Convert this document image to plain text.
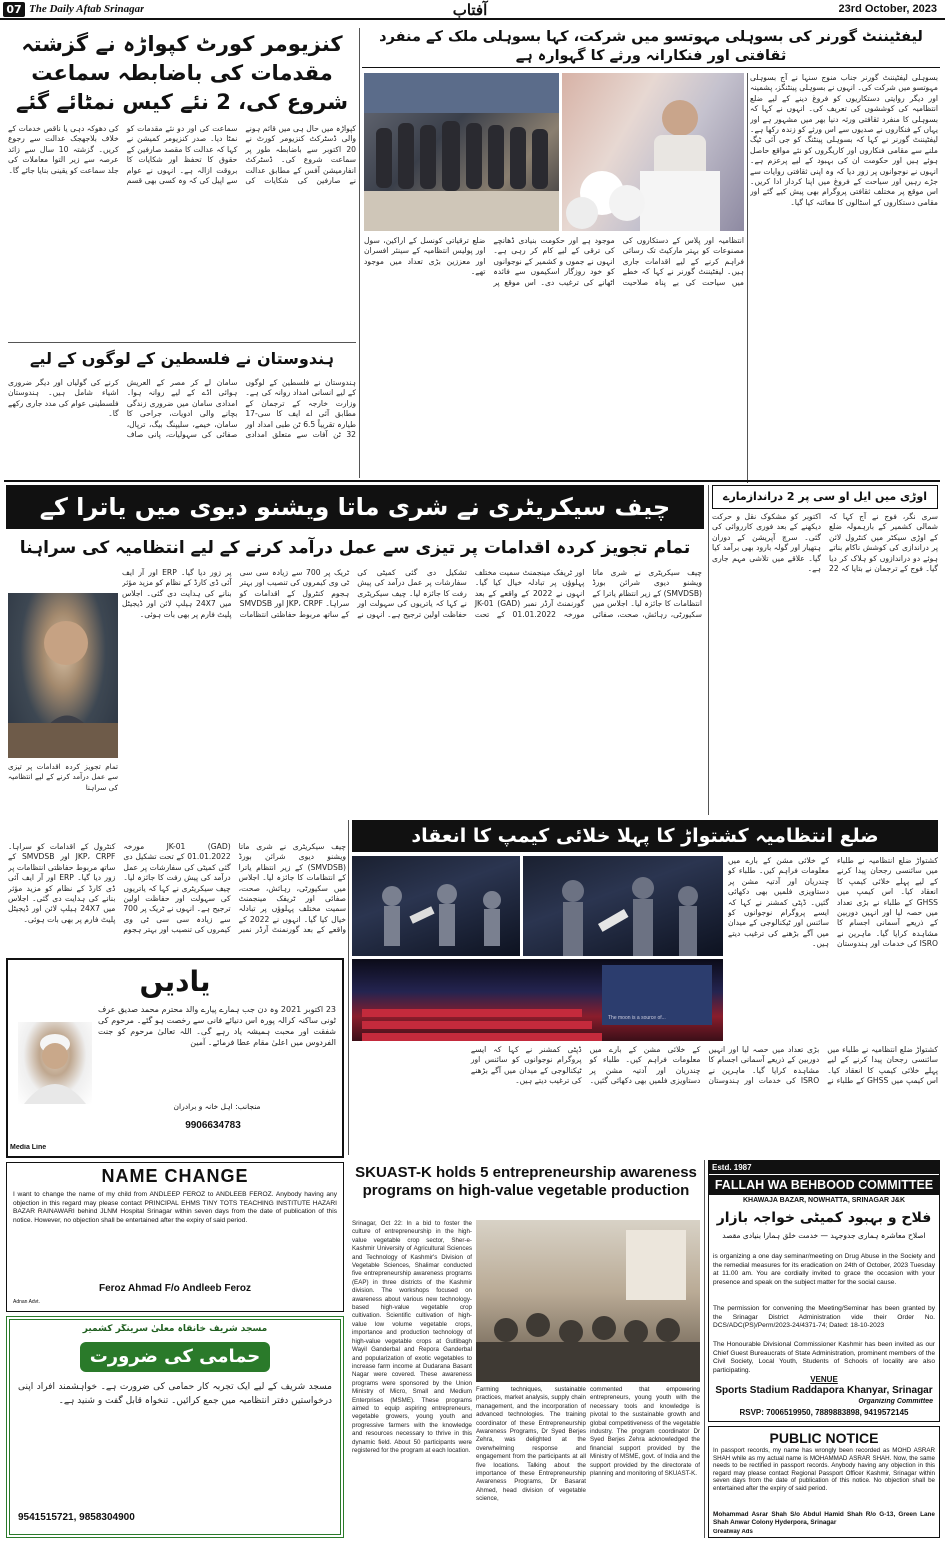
07 The Daily Aftab Srinagar	آفتاب	23rd October, 2023
لیفٹیننٹ گورنر کی بسوہلی مہوتسو میں شرکت، کہا بسوہلی ملک کے منفرد ثقافتی اور فنکارانہ ورثے کا گہوارہ ہے
بسوہلی لیفٹیننٹ گورنر جناب منوج سنہا نے آج بسوہلی مہوتسو میں شرکت کی۔ انہوں نے بسوہلی پینٹنگز، پشمینہ اور دیگر روایتی دستکاریوں کو فروغ دینے کے لیے ضلع انتظامیہ کی کوششوں کی تعریف کی۔ انہوں نے کہا کہ بسوہلی کا منفرد ثقافتی ورثہ دنیا بھر میں مشہور ہے اور یہاں کے فنکاروں نے صدیوں سے اس ورثے کو زندہ رکھا ہے۔ لیفٹیننٹ گورنر نے کہا کہ بسوہلی پینٹنگ کو جی آئی ٹیگ ملنے سے مقامی فنکاروں اور کاریگروں کو نئے مواقع حاصل ہوئے ہیں اور حکومت ان کی بہبود کے لیے پرعزم ہے۔ انہوں نے نوجوانوں پر زور دیا کہ وہ اپنی ثقافتی روایات سے جڑے رہیں اور سیاحت کے فروغ میں اپنا کردار ادا کریں۔ اس موقع پر مختلف ثقافتی پروگرام بھی پیش کیے گئے اور مقامی دستکاروں کے اسٹالوں کا معائنہ کیا گیا۔
انتظامیہ اور پلاس کے دستکاروں کی مصنوعات کو بہتر مارکیٹ تک رسائی فراہم کرنے کے لیے اقدامات جاری ہیں۔ لیفٹیننٹ گورنر نے کہا کہ خطے میں سیاحت کی بے پناہ صلاحیت موجود ہے اور حکومت بنیادی ڈھانچے کی ترقی کے لیے کام کر رہی ہے۔ انہوں نے جموں و کشمیر کے نوجوانوں کو خود روزگار اسکیموں سے فائدہ اٹھانے کی ترغیب دی۔ اس موقع پر ضلع ترقیاتی کونسل کے اراکین، سول اور پولیس انتظامیہ کے سینئر افسران اور معززین بڑی تعداد میں موجود تھے۔
کنزیومر کورٹ کپواڑہ نے گزشتہ مقدمات کی باضابطہ سماعت شروع کی، 2 نئے کیس نمٹائے گئے
کپواڑہ میں حال ہی میں قائم ہونے والی ڈسٹرکٹ کنزیومر کورٹ نے 20 اکتوبر سے باضابطہ طور پر سماعت شروع کی۔ ڈسٹرکٹ انفارمیشن آفس کے مطابق عدالت نے صارفین کی شکایات کی سماعت کی اور دو نئے مقدمات کو نمٹا دیا۔ صدر کنزیومر کمیشن نے کہا کہ عدالت کا مقصد صارفین کے حقوق کا تحفظ اور شکایات کا بروقت ازالہ ہے۔ انہوں نے عوام سے اپیل کی کہ وہ کسی بھی قسم کی دھوکہ دہی یا ناقص خدمات کے خلاف بلاجھجک عدالت سے رجوع کریں۔ گزشتہ 10 سال سے زائد عرصہ سے زیر التوا معاملات کی جلد سماعت کو یقینی بنایا جائے گا۔
ہندوستان نے فلسطین کے لوگوں کے لیے
ہندوستان نے فلسطین کے لوگوں کے لیے انسانی امداد روانہ کی ہے۔ وزارت خارجہ کے ترجمان کے مطابق آئی اے ایف کا سی-17 طیارہ تقریباً 6.5 ٹن طبی امداد اور 32 ٹن آفات سے متعلق امدادی سامان لے کر مصر کے العریش ہوائی اڈے کے لیے روانہ ہوا۔ امدادی سامان میں ضروری زندگی بچانے والی ادویات، جراحی کا سامان، خیمے، سلیپنگ بیگ، ترپال، صفائی کی سہولیات، پانی صاف کرنے کی گولیاں اور دیگر ضروری اشیاء شامل ہیں۔ ہندوستان فلسطینی عوام کی مدد جاری رکھے گا۔
چیف سیکریٹری نے شری ماتا ویشنو دیوی میں یاترا کے
تمام تجویز کردہ اقدامات پر تیزی سے عمل درآمد کرنے کے لیے انتظامیہ کی سراہنا
چیف سیکریٹری نے شری ماتا ویشنو دیوی شرائن بورڈ (SMVDSB) کے زیر انتظام یاترا کے انتظامات کا جائزہ لیا۔ اجلاس میں سکیورٹی، رہائش، صحت، صفائی اور ٹریفک مینجمنٹ سمیت مختلف پہلوؤں پر تبادلہ خیال کیا گیا۔ انہوں نے 2022 کے واقعے کے بعد گورنمنٹ آرڈر نمبر (GAD) JK-01 مورخہ 01.01.2022 کے تحت تشکیل دی گئی کمیٹی کی سفارشات پر عمل درآمد کی پیش رفت کا جائزہ لیا۔ چیف سیکریٹری نے کہا کہ یاتریوں کی سہولت اور حفاظت اولین ترجیح ہے۔ انہوں نے ٹریک پر 700 سے زیادہ سی سی ٹی وی کیمروں کی تنصیب اور بہتر ہجوم کنٹرول کے اقدامات کو سراہا۔ JKP، CRPF اور SMVDSB کے ساتھ مربوط حفاظتی انتظامات پر زور دیا گیا۔ ERP اور آر ایف آئی ڈی کارڈ کے نظام کو مزید مؤثر بنانے کی ہدایت دی گئی۔ اجلاس میں 24X7 ہیلپ لائن اور ڈیجیٹل پلیٹ فارم پر بھی بات ہوئی۔
تمام تجویز کردہ اقدامات پر تیزی سے عمل درآمد کرنے کے لیے انتظامیہ کی سراہنا
اوڑی میں ایل او سی پر 2 دراندازمارے
سری نگر، فوج نے آج کہا کہ شمالی کشمیر کے بارہمولہ ضلع کے اوڑی سیکٹر میں کنٹرول لائن پر دراندازی کی کوشش ناکام بناتے ہوئے دو دراندازوں کو ہلاک کر دیا گیا۔ فوج کے ترجمان نے بتایا کہ 22 اکتوبر کو مشکوک نقل و حرکت دیکھنے کے بعد فوری کارروائی کی گئی۔ سرچ آپریشن کے دوران ہتھیار اور گولہ بارود بھی برآمد کیا گیا۔ علاقے میں تلاشی مہم جاری ہے۔
ضلع انتظامیہ کشتواڑ کا پہلا خلائی کیمپ کا انعقاد
The moon is a source of...
کشتواڑ ضلع انتظامیہ نے طلباء میں سائنسی رجحان پیدا کرنے کے لیے پہلے خلائی کیمپ کا انعقاد کیا۔ اس کیمپ میں GHSS کے طلباء نے بڑی تعداد میں حصہ لیا اور انہیں دوربین کے ذریعے آسمانی اجسام کا مشاہدہ کرایا گیا۔ ماہرین نے ISRO کی خدمات اور ہندوستان کے خلائی مشن کے بارے میں معلومات فراہم کیں۔ طلباء کو چندریان اور آدتیہ مشن پر دستاویزی فلمیں بھی دکھائی گئیں۔ ڈپٹی کمشنر نے کہا کہ ایسے پروگرام نوجوانوں کو سائنس اور ٹیکنالوجی کے میدان میں آگے بڑھنے کی ترغیب دیتے ہیں۔
کشتواڑ ضلع انتظامیہ نے طلباء میں سائنسی رجحان پیدا کرنے کے لیے پہلے خلائی کیمپ کا انعقاد کیا۔ اس کیمپ میں GHSS کے طلباء نے بڑی تعداد میں حصہ لیا اور انہیں دوربین کے ذریعے آسمانی اجسام کا مشاہدہ کرایا گیا۔ ماہرین نے ISRO کی خدمات اور ہندوستان کے خلائی مشن کے بارے میں معلومات فراہم کیں۔ طلباء کو چندریان اور آدتیہ مشن پر دستاویزی فلمیں بھی دکھائی گئیں۔ ڈپٹی کمشنر نے کہا کہ ایسے پروگرام نوجوانوں کو سائنس اور ٹیکنالوجی کے میدان میں آگے بڑھنے کی ترغیب دیتے ہیں۔
چیف سیکریٹری نے شری ماتا ویشنو دیوی شرائن بورڈ (SMVDSB) کے زیر انتظام یاترا کے انتظامات کا جائزہ لیا۔ اجلاس میں سکیورٹی، رہائش، صحت، صفائی اور ٹریفک مینجمنٹ سمیت مختلف پہلوؤں پر تبادلہ خیال کیا گیا۔ انہوں نے 2022 کے واقعے کے بعد گورنمنٹ آرڈر نمبر (GAD) JK-01 مورخہ 01.01.2022 کے تحت تشکیل دی گئی کمیٹی کی سفارشات پر عمل درآمد کی پیش رفت کا جائزہ لیا۔ چیف سیکریٹری نے کہا کہ یاتریوں کی سہولت اور حفاظت اولین ترجیح ہے۔ انہوں نے ٹریک پر 700 سے زیادہ سی سی ٹی وی کیمروں کی تنصیب اور بہتر ہجوم کنٹرول کے اقدامات کو سراہا۔ JKP، CRPF اور SMVDSB کے ساتھ مربوط حفاظتی انتظامات پر زور دیا گیا۔ ERP اور آر ایف آئی ڈی کارڈ کے نظام کو مزید مؤثر بنانے کی ہدایت دی گئی۔ اجلاس میں 24X7 ہیلپ لائن اور ڈیجیٹل پلیٹ فارم پر بھی بات ہوئی۔
یادیں
23 اکتوبر 2021 وہ دن جب ہمارے پیارے والد محترم محمد صدیق عرف ٹونی ساکنہ کرالہ پورہ اس دنیائے فانی سے رخصت ہو گئے۔ مرحوم کی شفقت اور محبت ہمیشہ یاد رہے گی۔ اللہ تعالیٰ مرحوم کو جنت الفردوس میں اعلیٰ مقام عطا فرمائے۔ آمین
منجانب: اہل خانہ و برادران
9906634783
Media Line
NAME CHANGE
I want to change the name of my child from ANDLEEP FEROZ to ANDLEEB FEROZ. Anybody having any objection in this regard may please contact PRINCIPAL EHMS TINY TOTS TEACHING INSTITUTE HAZARI BAZAR RAINAWARI behind JLNM Hospital Srinagar within seven days from the date of publication of this notice. However, no objection shall be entertained after the expiry of said period.
Feroz Ahmad F/o Andleeb Feroz
Adnan Advt.
مسجد شریف خانقاہ معلیٰ سرینگر کشمیر
حمامی کی ضرورت
مسجد شریف کے لیے ایک تجربہ کار حمامی کی ضرورت ہے۔ خواہشمند افراد اپنی درخواستیں دفتر انتظامیہ میں جمع کرائیں۔ تنخواہ قابل گفت و شنید ہے۔
9541515721, 9858304900
SKUAST-K holds 5 entrepreneurship awareness programs on high-value vegetable production
Srinagar, Oct 22: In a bid to foster the culture of entrepreneurship in the high-value vegetable crop sector, Sher-e-Kashmir University of Agricultural Sciences and Technology of Kashmir's Division of Vegetable Sciences, Shalimar conducted five entrepreneurship awareness programs (EAP) in three districts of the Kashmir division. The workshops focused on awareness about various new technology-based high-value vegetable crop cultivation. Scientific cultivation of high-value low volume vegetable crops, importance and production technology of high-value vegetable crops at Gutlibagh Wayil Ganderbal and Repora Ganderbal and popularization of exotic vegetables to increase farm income at Dudarana Basant Nagar were covered. These awareness programs were sponsored by the Union Ministry of Micro, Small and Medium Enterprises (MSME). These programs aimed to equip aspiring entrepreneurs, vegetable growers, young youth and progressive farmers with the knowledge and resources necessary to thrive in this dynamic field. About 50 participants were registered for the program at each location.
Farming techniques, sustainable practices, market analysis, supply chain management, and the incorporation of advanced technologies. The training coordinator of these Entrepreneurship Awareness Programs, Dr Syed Berjes Zehra, was delighted at the overwhelming response and engagement from the participants at all five locations. Talking about the importance of these Entrepreneurship Awareness Programs, Dr Basarat Ahmed, head division of vegetable science,
commented that empowering entrepreneurs, young youth with the necessary tools and knowledge is pivotal to the sustainable growth and global competitiveness of the vegetable industry. The program coordinator Dr Syed Berjes Zehra acknowledged the financial support provided by the Ministry of MSME, govt. of India and the support provided by the directorate of planning and monitoring of SKUAST-K.
Estd. 1987
FALLAH WA BEHBOOD COMMITTEE
KHAWAJA BAZAR, NOWHATTA, SRINAGAR J&K
فلاح و بہبود کمیٹی خواجہ بازار
اصلاح معاشرہ ہماری جدوجہد — خدمت خلق ہمارا بنیادی مقصد
is organizing a one day seminar/meeting on Drug Abuse in the Society and the remedial measures for its eradication on 24th of October, 2023 Tuesday at 11.00 am. You are cordially invited to grace the occasion with your presence and speak on the subject matter for the social cause.
The permission for convening the Meeting/Seminar has been granted by the Srinagar District Administration vide their Order No. DCS/ADC(PS)/Perm/2023-24/4371-74; Dated: 18-10-2023
The Honourable Divisional Commissioner Kashmir has been invited as our Chief Guest Bureaucrats of State Administration, prominent members of the Civil Society, Local Youth, Students of Schools of locality are also participating.
VENUE
Sports Stadium Raddapora Khanyar, Srinagar
Organizing Committee
RSVP: 7006519950, 7889883898, 9419572145
PUBLIC NOTICE
In passport records, my name has wrongly been recorded as MOHD ASRAR SHAH while as my actual name is MOHAMMAD ASRAR SHAH. Now, the same needs to be rectified in passport records. Anybody having any objection in this regard may please contact Regional Passport Officer Kashmir, Srinagar within seven days from the date of publication of this notice. No objection shall be entertained after the expiry of said period.
Mohammad Asrar Shah S/o Abdul Hamid Shah R/o G-13, Green Lane Shah Anwar Colony Hyderpora, Srinagar
Greatway Ads
